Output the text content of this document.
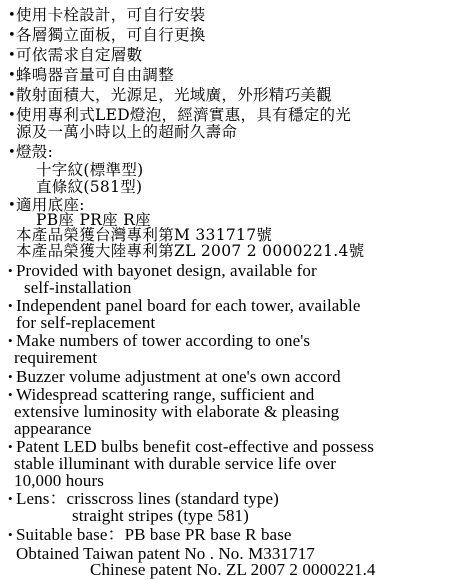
•使用卡栓設計，可自行安裝
•各層獨立面板，可自行更換
•可依需求自定層數
•蜂鳴器音量可自由調整
•散射面積大，光源足，光域廣，外形精巧美觀
•使用專利式LED燈泡，經濟實惠，具有穩定的光
源及一萬小時以上的超耐久壽命
•燈殼:
十字紋(標準型)
直條紋(581型)
•適用底座:
PB座 PR座 R座
本產品榮獲台灣專利第M 331717號
本產品榮獲大陸專利第ZL 2007 2 0000221.4號
• Provided with bayonet design, available for
self-installation
• Independent panel board for each tower, available
for self-replacement
• Make numbers of tower according to one's
requirement
• Buzzer volume adjustment at one's own accord
• Widespread scattering range, sufficient and
extensive luminosity with elaborate & pleasing
appearance
• Patent LED bulbs benefit cost-effective and possess
stable illuminant with durable service life over
10,000 hours
• Lens：crisscross lines (standard type)
straight stripes (type 581)
• Suitable base：PB base PR base R base
Obtained Taiwan patent No . No. M331717
Chinese patent No. ZL 2007 2 0000221.4
